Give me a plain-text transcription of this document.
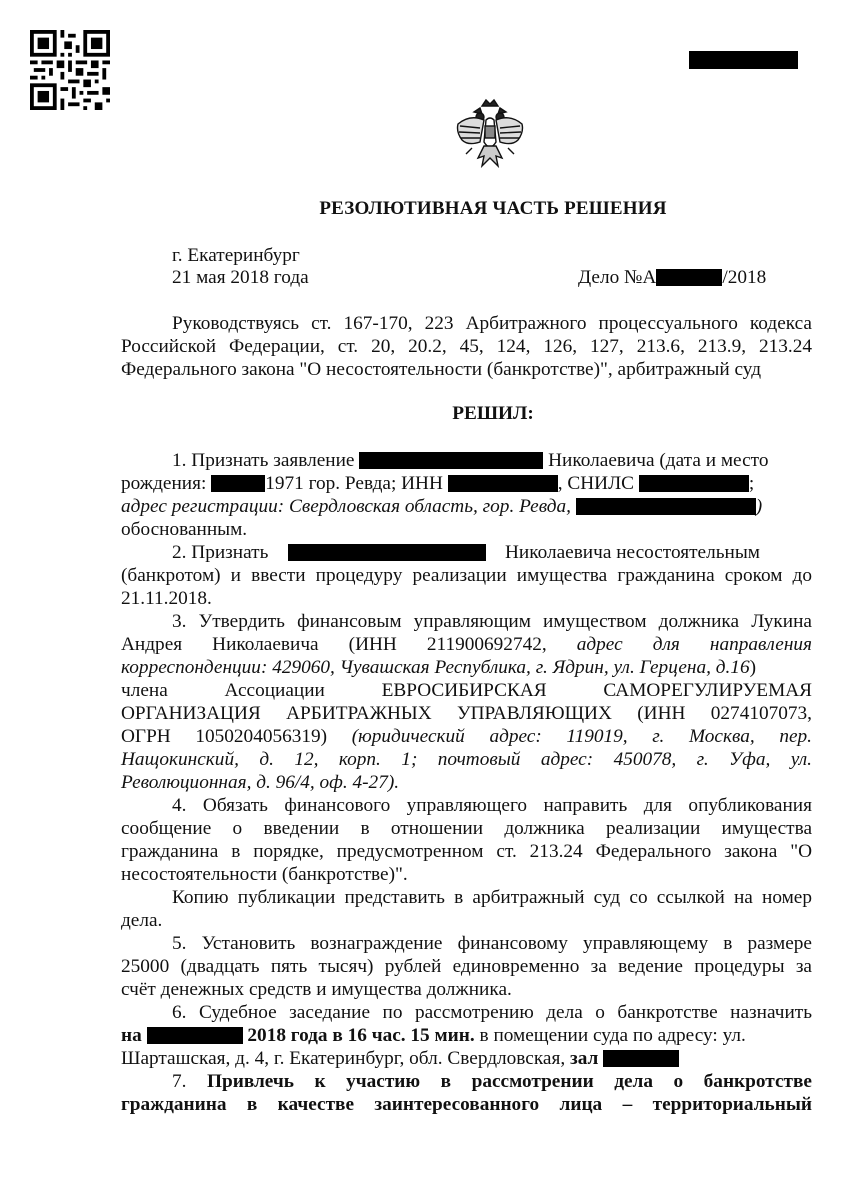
РЕЗОЛЮТИВНАЯ ЧАСТЬ РЕШЕНИЯ
г. Екатеринбург
21 мая 2018 года	Дело №А	/2018
Руководствуясь ст. 167-170, 223 Арбитражного процессуального кодекса
Российской Федерации, ст. 20, 20.2, 45, 124, 126, 127, 213.6, 213.9, 213.24
Федерального закона "О несостоятельности (банкротстве)", арбитражный суд
РЕШИЛ:
1. Признать заявление	Николаевича (дата и место
рождения:	1971 гор. Ревда; ИНН	, СНИЛС	;
адрес регистрации: Свердловская область, гор. Ревда,	)
обоснованным.
2. Признать	Николаевича несостоятельным
(банкротом) и ввести процедуру реализации имущества гражданина сроком до
21.11.2018.
3. Утвердить финансовым управляющим имуществом должника Лукина
Андрея Николаевича (ИНН 211900692742, адрес для направления
корреспонденции: 429060, Чувашская Республика, г. Ядрин, ул. Герцена, д.16)
члена Ассоциации ЕВРОСИБИРСКАЯ САМОРЕГУЛИРУЕМАЯ
ОРГАНИЗАЦИЯ АРБИТРАЖНЫХ УПРАВЛЯЮЩИХ (ИНН 0274107073,
ОГРН 1050204056319) (юридический адрес: 119019, г. Москва, пер.
Нащокинский, д. 12, корп. 1; почтовый адрес: 450078, г. Уфа, ул.
Революционная, д. 96/4, оф. 4-27).
4. Обязать финансового управляющего направить для опубликования
сообщение о введении в отношении должника реализации имущества
гражданина в порядке, предусмотренном ст. 213.24 Федерального закона "О
несостоятельности (банкротстве)".
Копию публикации представить в арбитражный суд со ссылкой на номер
дела.
5. Установить вознаграждение финансовому управляющему в размере
25000 (двадцать пять тысяч) рублей единовременно за ведение процедуры за
счёт денежных средств и имущества должника.
6. Судебное заседание по рассмотрению дела о банкротстве назначить
на	2018 года в 16 час. 15 мин. в помещении суда по адресу: ул.
Шарташская, д. 4, г. Екатеринбург, обл. Свердловская, зал
7. Привлечь к участию в рассмотрении дела о банкротстве
гражданина в качестве заинтересованного лица – территориальный
